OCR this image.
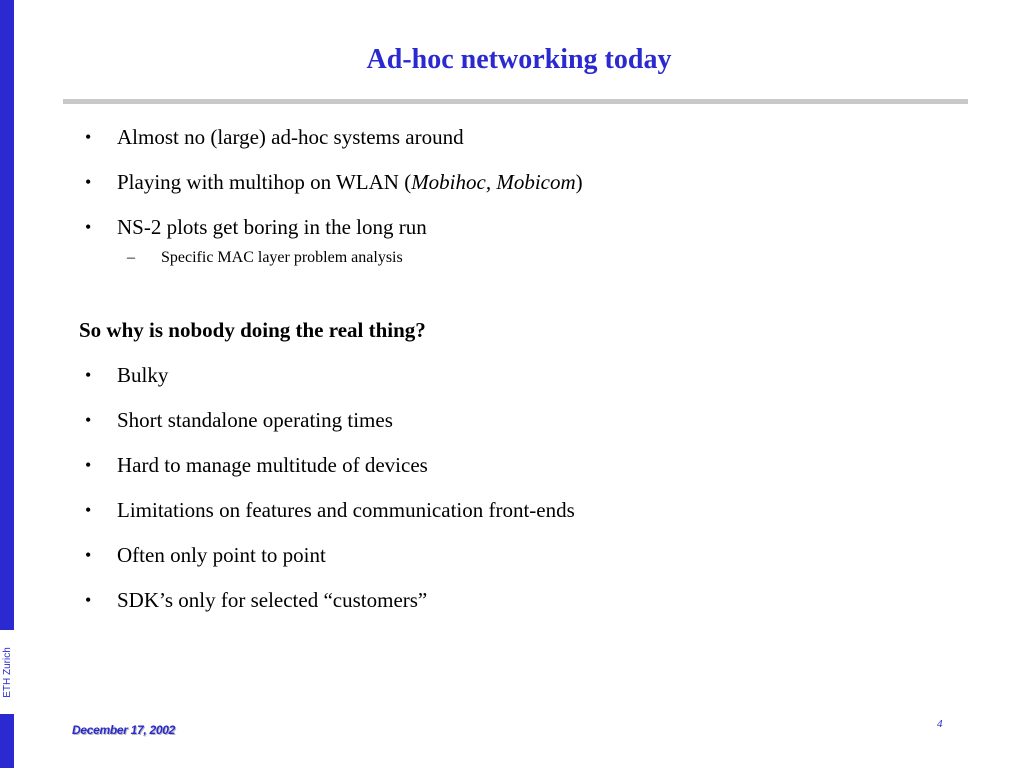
ETH Zurich
Ad-hoc networking today
• Almost no (large) ad-hoc systems around
• Playing with multihop on WLAN (Mobihoc, Mobicom)
• NS-2 plots get boring in the long run
– Specific MAC layer problem analysis
So why is nobody doing the real thing?
• Bulky
• Short standalone operating times
• Hard to manage multitude of devices
• Limitations on features and communication front-ends
• Often only point to point
• SDK’s only for selected “customers”
December 17, 2002	4
